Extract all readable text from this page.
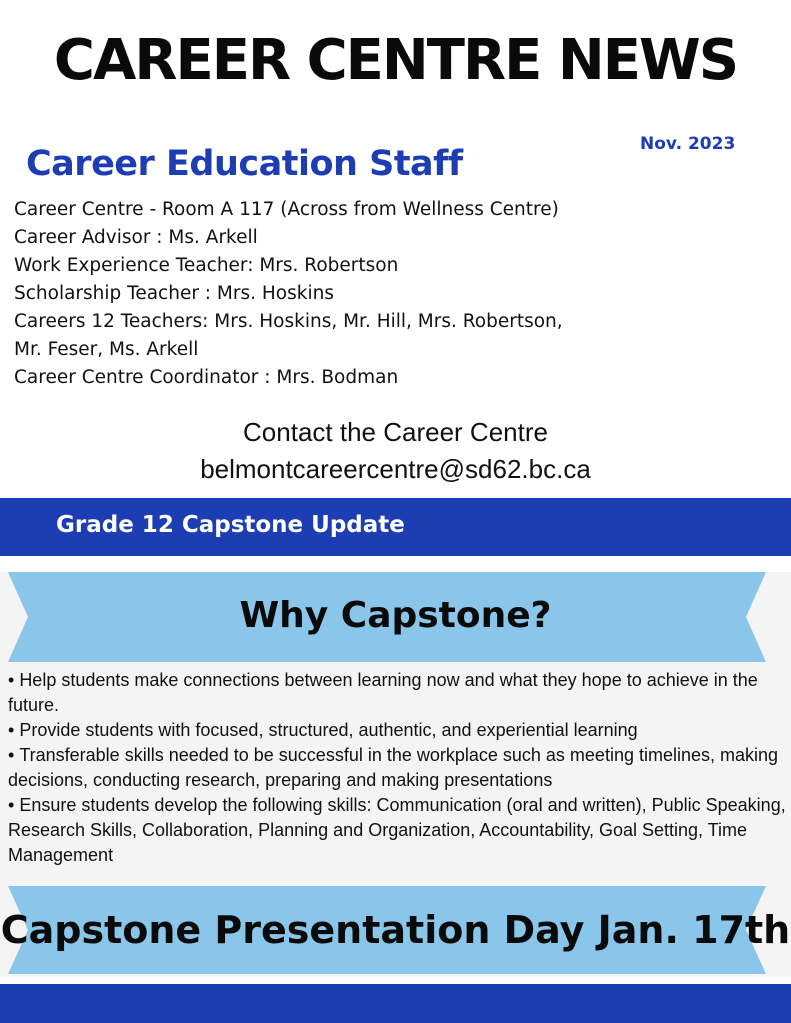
CAREER CENTRE NEWS
Nov. 2023
Career Education Staff
Career Centre - Room A 117 (Across from Wellness Centre)
Career Advisor : Ms. Arkell
Work Experience Teacher: Mrs. Robertson
Scholarship Teacher : Mrs. Hoskins
Careers 12 Teachers: Mrs. Hoskins, Mr. Hill, Mrs. Robertson,
Mr. Feser, Ms. Arkell
Career Centre Coordinator : Mrs. Bodman
Contact the Career Centre
belmontcareercentre@sd62.bc.ca
Grade 12 Capstone Update
Why Capstone?
• Help students make connections between learning now and what they hope to achieve in the future.
• Provide students with focused, structured, authentic, and experiential learning
• Transferable skills needed to be successful in the workplace such as meeting timelines, making decisions, conducting research, preparing and making presentations
• Ensure students develop the following skills: Communication (oral and written), Public Speaking, Research Skills, Collaboration, Planning and Organization, Accountability, Goal Setting, Time Management
Capstone Presentation Day Jan. 17th
